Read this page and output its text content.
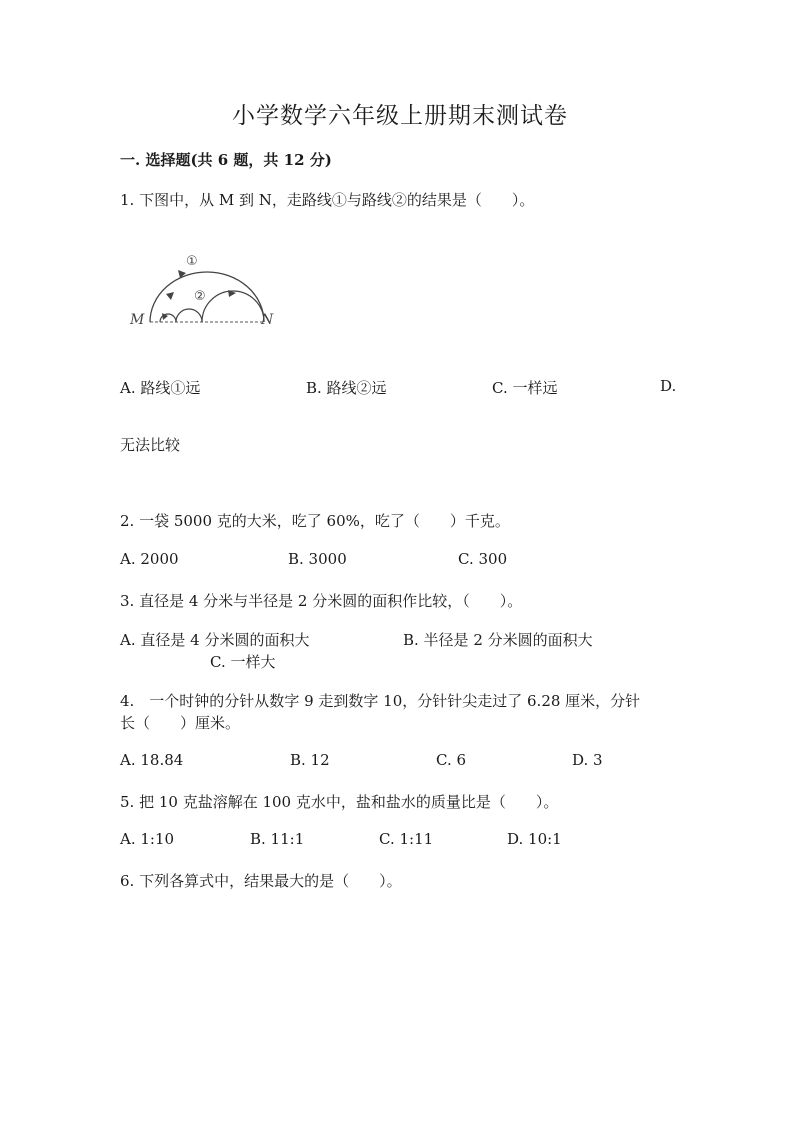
小学数学六年级上册期末测试卷
一. 选择题(共 6 题，共 12 分)
1. 下图中，从 M 到 N，走路线①与路线②的结果是（　　）。
①
②
M	N
A. 路线①远	B. 路线②远	C. 一样远	D.
无法比较
2. 一袋 5000 克的大米，吃了 60%，吃了（　　）千克。
A. 2000	B. 3000	C. 300
3. 直径是 4 分米与半径是 2 分米圆的面积作比较，（　　）。
A. 直径是 4 分米圆的面积大	B. 半径是 2 分米圆的面积大
C. 一样大
4.　一个时钟的分针从数字 9 走到数字 10，分针针尖走过了 6.28 厘米，分针
长（　　）厘米。
A. 18.84	B. 12	C. 6	D. 3
5. 把 10 克盐溶解在 100 克水中，盐和盐水的质量比是（　　）。
A. 1:10	B. 11:1	C. 1:11	D. 10:1
6. 下列各算式中，结果最大的是（　　）。
